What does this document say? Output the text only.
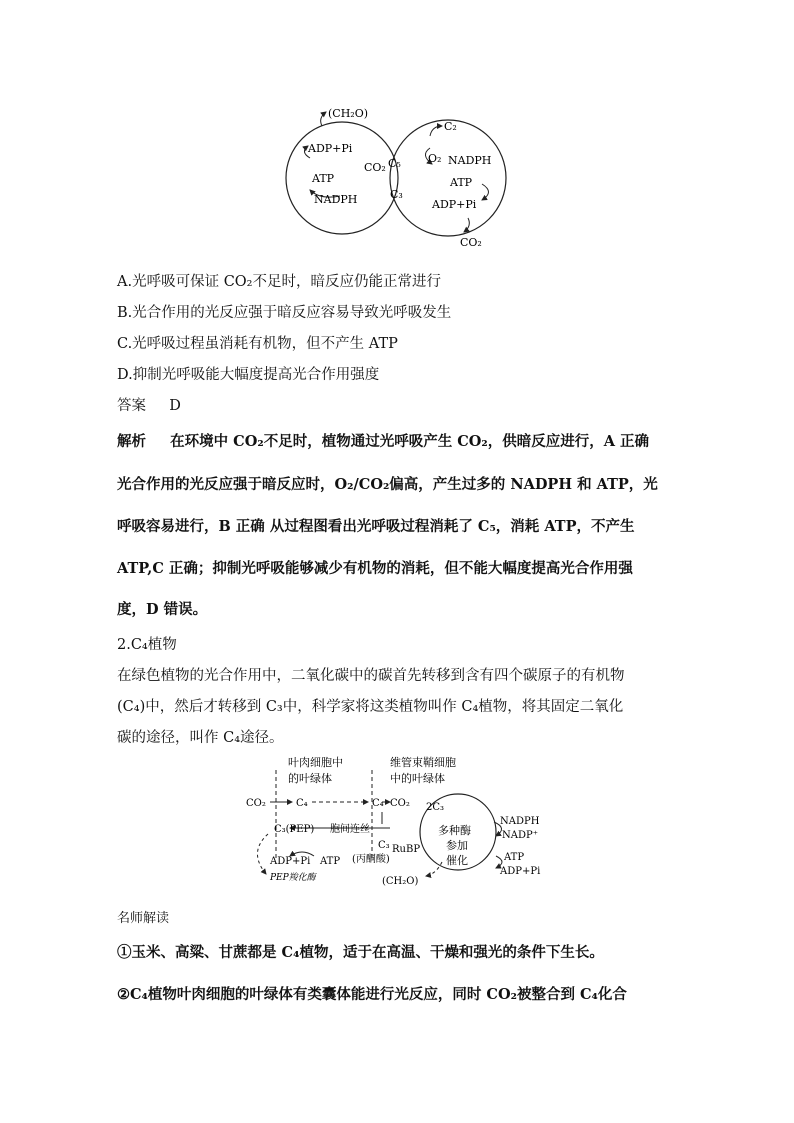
(CH₂O)
ADP+Pi
ATP
NADPH
CO₂ C₅
C₃
C₂
O₂ NADPH
ATP
ADP+Pi
CO₂
A.光呼吸可保证 CO₂不足时，暗反应仍能正常进行
B.光合作用的光反应强于暗反应容易导致光呼吸发生
C.光呼吸过程虽消耗有机物，但不产生 ATP
D.抑制光呼吸能大幅度提高光合作用强度
答案 D
解析 在环境中 CO₂不足时，植物通过光呼吸产生 CO₂，供暗反应进行，A 正确
光合作用的光反应强于暗反应时，O₂/CO₂偏高，产生过多的 NADPH 和 ATP，光
呼吸容易进行，B 正确 从过程图看出光呼吸过程消耗了 C₅，消耗 ATP，不产生
ATP,C 正确；抑制光呼吸能够减少有机物的消耗，但不能大幅度提高光合作用强
度，D 错误。
2.C₄植物
在绿色植物的光合作用中，二氧化碳中的碳首先转移到含有四个碳原子的有机物
(C₄)中，然后才转移到 C₃中，科学家将这类植物叫作 C₄植物，将其固定二氧化
碳的途径，叫作 C₄途径。
叶肉细胞中
的叶绿体
维管束鞘细胞
中的叶绿体
CO₂	C₄	C₄ CO₂ 2C₃
C₃(PEP) 胞间连丝
C₃
(丙酮酸)
RuBP
多种酶
参加
催化
NADPH
NADP⁺
ADP+Pi ATP	ATP
ADP+Pi
(CH₂O)
PEP羧化酶
名师解读
①玉米、高粱、甘蔗都是 C₄植物，适于在高温、干燥和强光的条件下生长。
②C₄植物叶肉细胞的叶绿体有类囊体能进行光反应，同时 CO₂被整合到 C₄化合
